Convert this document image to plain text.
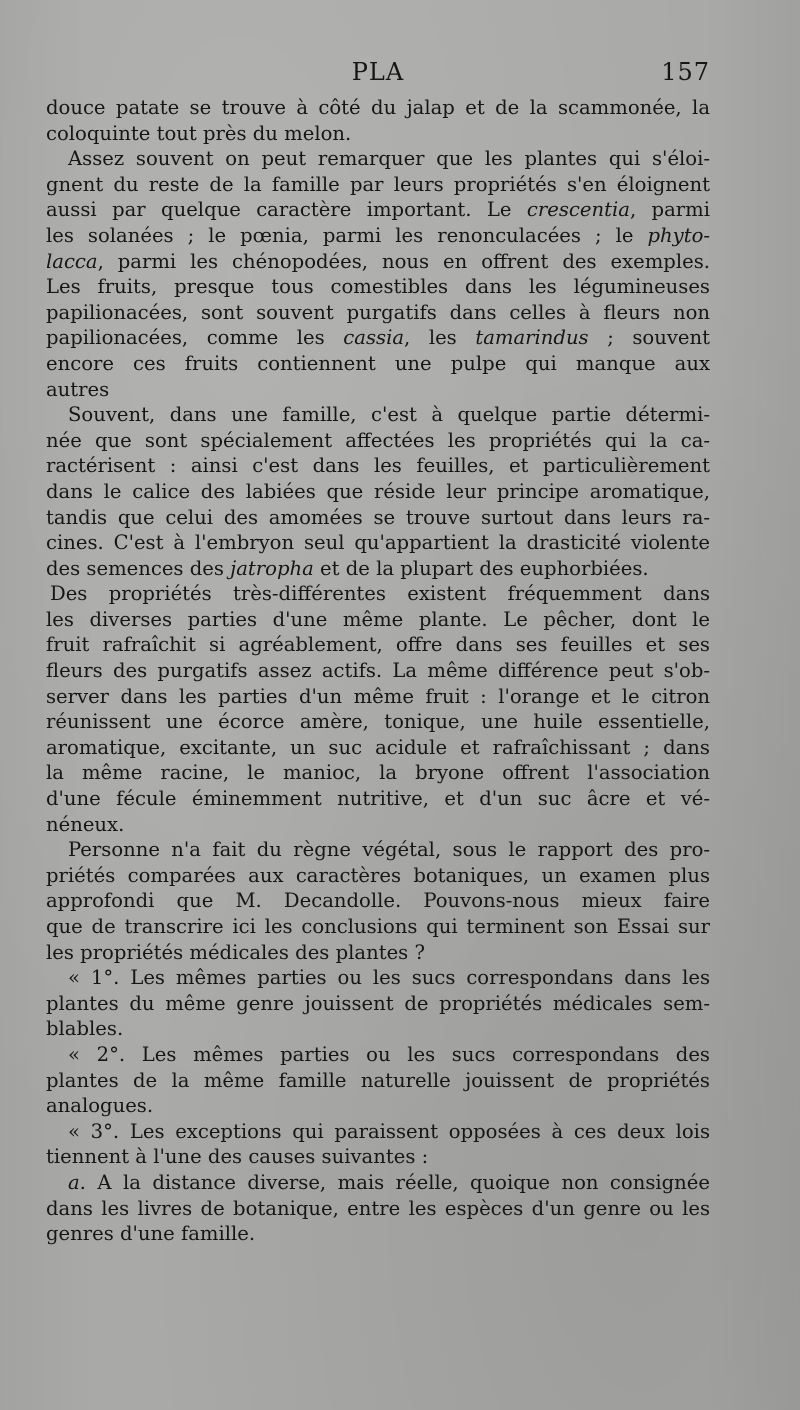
PLA	157
douce patate se trouve à côté du jalap et de la scammonée, la
coloquinte tout près du melon.
Assez souvent on peut remarquer que les plantes qui s'éloi-
gnent du reste de la famille par leurs propriétés s'en éloignent
aussi par quelque caractère important. Le crescentia, parmi
les solanées ; le pœnia, parmi les renonculacées ; le phyto-
lacca, parmi les chénopodées, nous en offrent des exemples.
Les fruits, presque tous comestibles dans les légumineuses
papilionacées, sont souvent purgatifs dans celles à fleurs non
papilionacées, comme les cassia, les tamarindus ; souvent
encore ces fruits contiennent une pulpe qui manque aux
autres
Souvent, dans une famille, c'est à quelque partie détermi-
née que sont spécialement affectées les propriétés qui la ca-
ractérisent : ainsi c'est dans les feuilles, et particulièrement
dans le calice des labiées que réside leur principe aromatique,
tandis que celui des amomées se trouve surtout dans leurs ra-
cines. C'est à l'embryon seul qu'appartient la drasticité violente
des semences des jatropha et de la plupart des euphorbiées.
Des propriétés très-différentes existent fréquemment dans
les diverses parties d'une même plante. Le pêcher, dont le
fruit rafraîchit si agréablement, offre dans ses feuilles et ses
fleurs des purgatifs assez actifs. La même différence peut s'ob-
server dans les parties d'un même fruit : l'orange et le citron
réunissent une écorce amère, tonique, une huile essentielle,
aromatique, excitante, un suc acidule et rafraîchissant ; dans
la même racine, le manioc, la bryone offrent l'association
d'une fécule éminemment nutritive, et d'un suc âcre et vé-
néneux.
Personne n'a fait du règne végétal, sous le rapport des pro-
priétés comparées aux caractères botaniques, un examen plus
approfondi que M. Decandolle. Pouvons-nous mieux faire
que de transcrire ici les conclusions qui terminent son Essai sur
les propriétés médicales des plantes ?
« 1°. Les mêmes parties ou les sucs correspondans dans les
plantes du même genre jouissent de propriétés médicales sem-
blables.
« 2°. Les mêmes parties ou les sucs correspondans des
plantes de la même famille naturelle jouissent de propriétés
analogues.
« 3°. Les exceptions qui paraissent opposées à ces deux lois
tiennent à l'une des causes suivantes :
a. A la distance diverse, mais réelle, quoique non consignée
dans les livres de botanique, entre les espèces d'un genre ou les
genres d'une famille.
